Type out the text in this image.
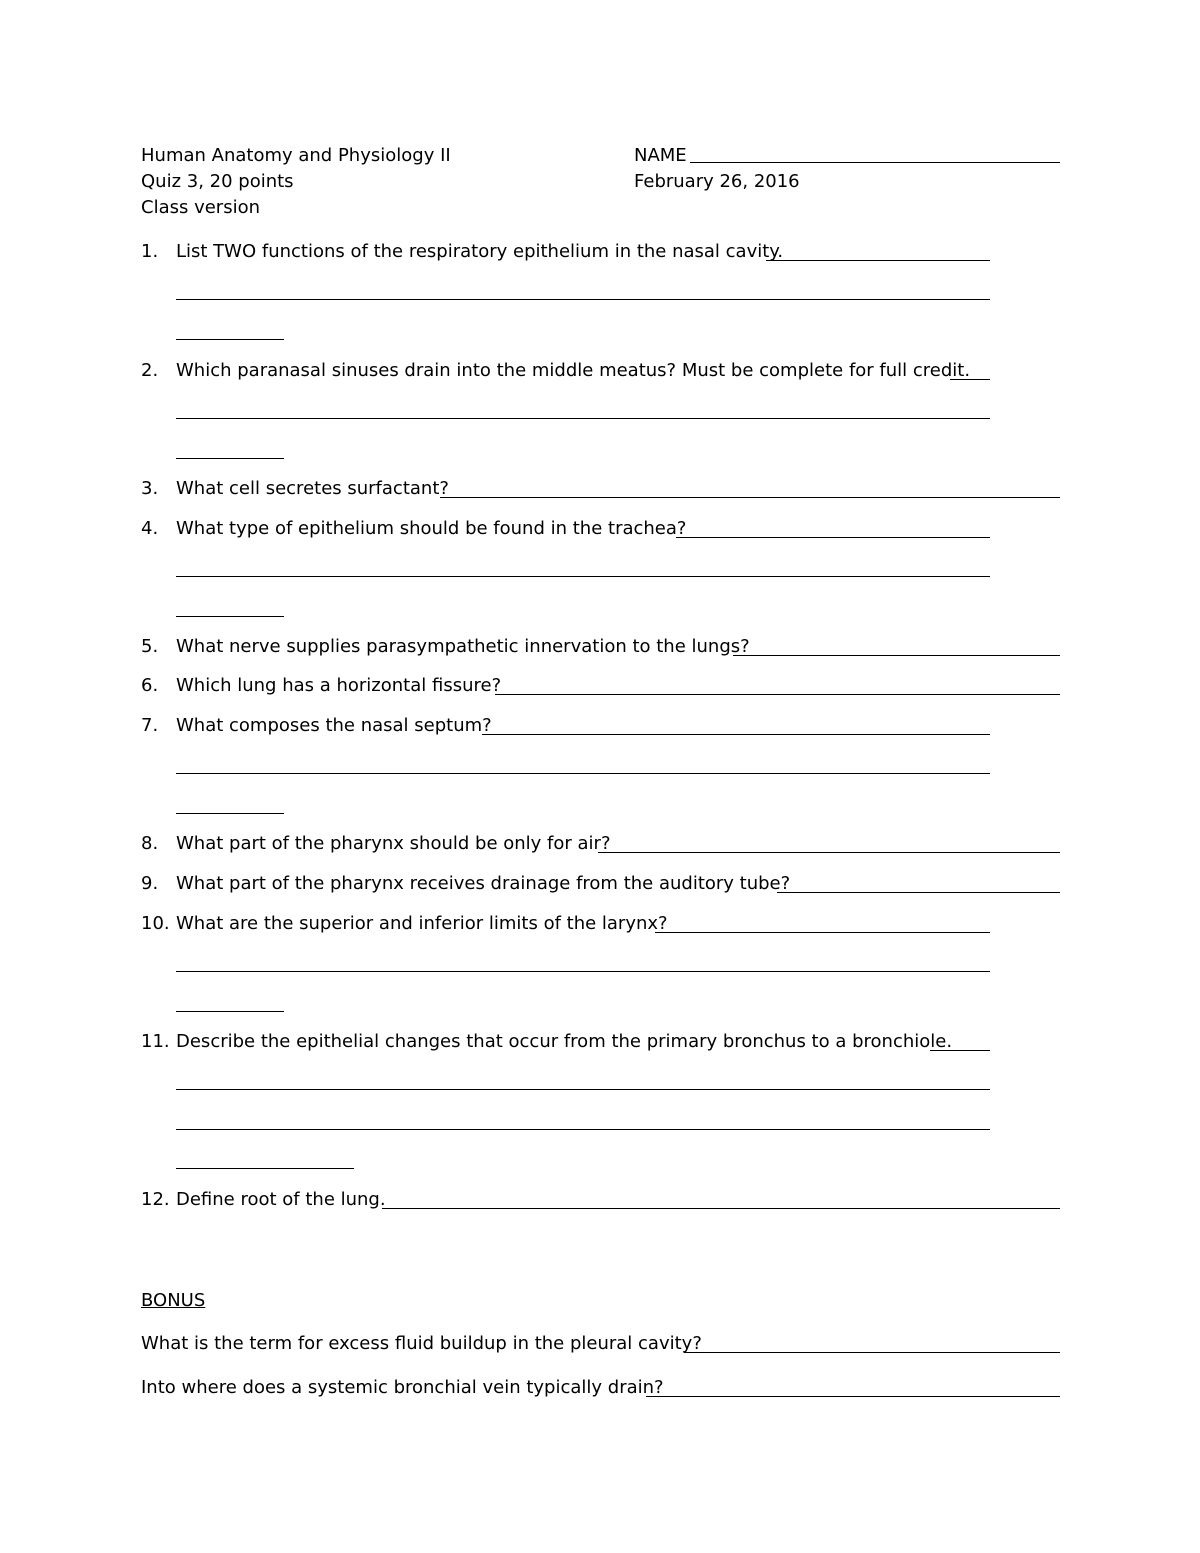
Human Anatomy and Physiology II
Quiz 3, 20 points
Class version
NAME
February 26, 2016
1. List TWO functions of the respiratory epithelium in the nasal cavity.
2. Which paranasal sinuses drain into the middle meatus? Must be complete for full credit.
3. What cell secretes surfactant?
4. What type of epithelium should be found in the trachea?
5. What nerve supplies parasympathetic innervation to the lungs?
6. Which lung has a horizontal fissure?
7. What composes the nasal septum?
8. What part of the pharynx should be only for air?
9. What part of the pharynx receives drainage from the auditory tube?
10. What are the superior and inferior limits of the larynx?
11. Describe the epithelial changes that occur from the primary bronchus to a bronchiole.
12. Define root of the lung.
BONUS
What is the term for excess fluid buildup in the pleural cavity?
Into where does a systemic bronchial vein typically drain?
